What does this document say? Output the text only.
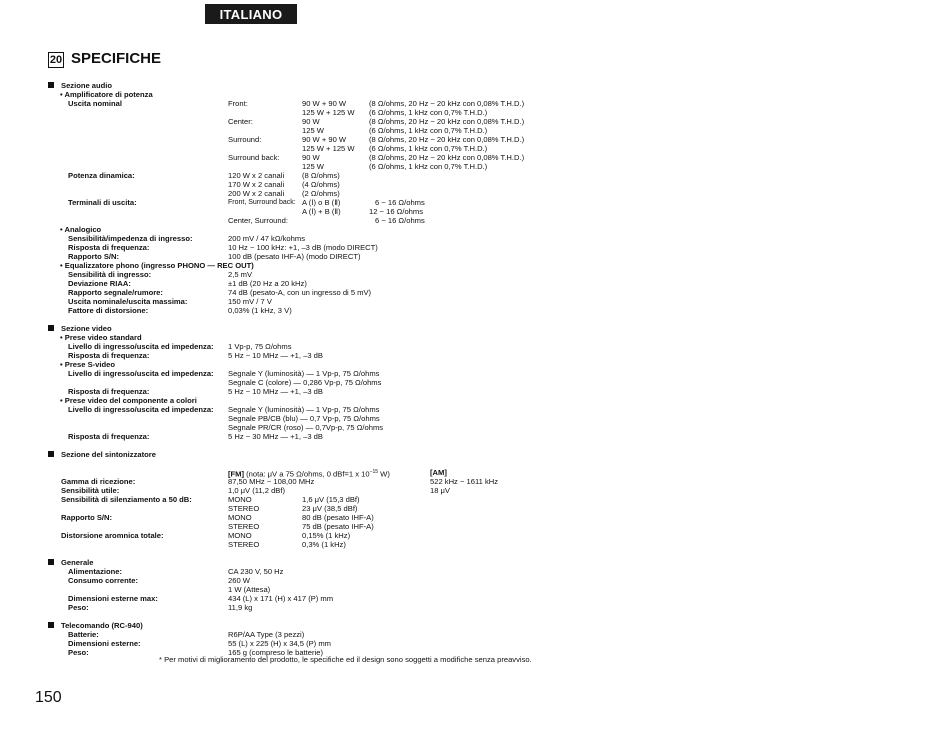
ITALIANO
20 SPECIFICHE
Sezione audio
• Amplificatore di potenza
Uscita nominal	Front:	90 W + 90 W	(8 Ω/ohms, 20 Hz ~ 20 kHz con 0,08% T.H.D.)
125 W + 125 W (6 Ω/ohms, 1 kHz con 0,7% T.H.D.)
Center:	90 W	(8 Ω/ohms, 20 Hz ~ 20 kHz con 0,08% T.H.D.)
125 W	(6 Ω/ohms, 1 kHz con 0,7% T.H.D.)
Surround:	90 W + 90 W	(8 Ω/ohms, 20 Hz ~ 20 kHz con 0,08% T.H.D.)
125 W + 125 W (6 Ω/ohms, 1 kHz con 0,7% T.H.D.)
Surround back:	90 W	(8 Ω/ohms, 20 Hz ~ 20 kHz con 0,08% T.H.D.)
125 W	(6 Ω/ohms, 1 kHz con 0,7% T.H.D.)
Potenza dinamica:	120 W x 2 canali (8 Ω/ohms)
170 W x 2 canali (4 Ω/ohms)
200 W x 2 canali (2 Ω/ohms)
Terminali di uscita:	Front, Surround back: A (Ⅰ) o B (Ⅱ)	6 ~ 16 Ω/ohms
A (Ⅰ) + B (Ⅱ)	12 ~ 16 Ω/ohms
Center, Surround:	6 ~ 16 Ω/ohms
• Analogico
Sensibilità/impedenza di ingresso:	200 mV / 47 kΩ/kohms
Risposta di frequenza:	10 Hz ~ 100 kHz: +1, –3 dB (modo DIRECT)
Rapporto S/N:	100 dB (pesato IHF-A) (modo DIRECT)
• Equalizzatore phono (ingresso PHONO — REC OUT)
Sensibilità di ingresso:	2,5 mV
Deviazione RIAA:	±1 dB (20 Hz a 20 kHz)
Rapporto segnale/rumore:	74 dB (pesato-A, con un ingresso di 5 mV)
Uscita nominale/uscita massima:	150 mV / 7 V
Fattore di distorsione:	0,03% (1 kHz, 3 V)
Sezione video
• Prese video standard
Livello di ingresso/uscita ed impedenza: 1 Vp-p, 75 Ω/ohms
Risposta di frequenza:	5 Hz ~ 10 MHz — +1, –3 dB
• Prese S-video
Livello di ingresso/uscita ed impedenza: Segnale Y (luminosità) — 1 Vp-p, 75 Ω/ohms
Segnale C (colore) — 0,286 Vp-p, 75 Ω/ohms
Risposta di frequenza:	5 Hz ~ 10 MHz — +1, –3 dB
• Prese video del componente a colori
Livello di ingresso/uscita ed impedenza: Segnale Y (luminosità) — 1 Vp-p, 75 Ω/ohms
Segnale PB/CB (blu) — 0,7 Vp-p, 75 Ω/ohms
Segnale PR/CR (roso) — 0,7Vp-p, 75 Ω/ohms
Risposta di frequenza:	5 Hz ~ 30 MHz — +1, –3 dB
Sezione del sintonizzatore
[FM] (nota: μV a 75 Ω/ohms, 0 dBf=1 x $10^{-15}$ W)	[AM]
Gamma di ricezione:	87,50 MHz ~ 108,00 MHz	522 kHz ~ 1611 kHz
Sensibilità utile:	1,0 μV (11,2 dBf)	18 μV
Sensibilità di silenziamento a 50 dB:	MONO	1,6 μV (15,3 dBf)
STEREO	23 μV (38,5 dBf)
Rapporto S/N:	MONO	80 dB (pesato IHF-A)
STEREO	75 dB (pesato IHF-A)
Distorsione aromnica totale:	MONO	0,15% (1 kHz)
STEREO	0,3% (1 kHz)
Generale
Alimentazione:	CA 230 V, 50 Hz
Consumo corrente:	260 W
1 W (Attesa)
Dimensioni esterne max:	434 (L) x 171 (H) x 417 (P) mm
Peso:	11,9 kg
Telecomando (RC-940)
Batterie:	R6P/AA Type (3 pezzi)
Dimensioni esterne:	55 (L) x 225 (H) x 34,5 (P) mm
Peso:	165 g (compreso le batterie)
* Per motivi di miglioramento del prodotto, le specifiche ed il design sono soggetti a modifiche senza preavviso.
150
